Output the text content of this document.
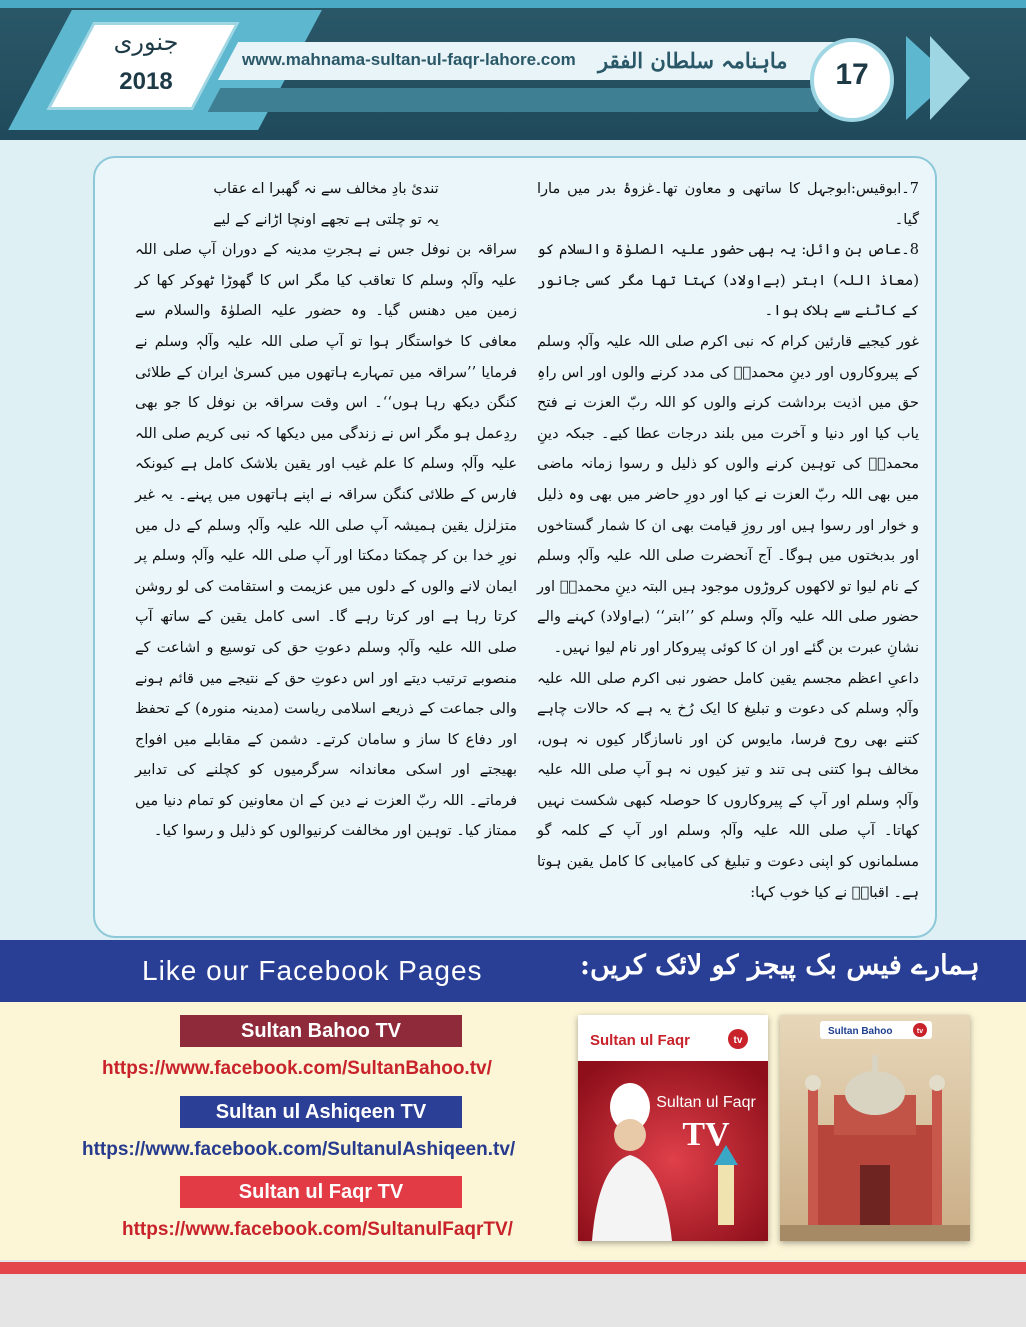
جنوری
2018
www.mahnama-sultan-ul-faqr-lahore.com ماہنامہ سلطان الفقر	17

7۔ابوقیس:ابوجہل کا ساتھی و معاون تھا۔غزوۂ بدر میں مارا گیا۔

8۔عاص بن وائل: یہ بھی حضور علیہ الصلوٰۃ والسلام کو (معاذ اللہ) ابتر (بےاولاد) کہتا تھا مگر کسی جانور کے کاٹنے سے ہلاک ہوا۔

غور کیجیے قارئین کرام کہ نبی اکرم صلی اللہ علیہ وآلہٖ وسلم کے پیروکاروں اور دینِ محمدیؐ کی مدد کرنے والوں اور اس راہِ حق میں اذیت برداشت کرنے والوں کو اللہ ربّ العزت نے فتح یاب کیا اور دنیا و آخرت میں بلند درجات عطا کیے۔ جبکہ دینِ محمدیؐ کی توہین کرنے والوں کو ذلیل و رسوا زمانہ ماضی میں بھی اللہ ربّ العزت نے کیا اور دورِ حاضر میں بھی وہ ذلیل و خوار اور رسوا ہیں اور روزِ قیامت بھی ان کا شمار گستاخوں اور بدبختوں میں ہوگا۔ آج آنحضرت صلی اللہ علیہ وآلہٖ وسلم کے نام لیوا تو لاکھوں کروڑوں موجود ہیں البتہ دینِ محمدیؐ اور حضور صلی اللہ علیہ وآلہٖ وسلم کو ’’ابتر‘‘ (بےاولاد) کہنے والے نشانِ عبرت بن گئے اور ان کا کوئی پیروکار اور نام لیوا نہیں۔

داعیِ اعظم مجسم یقین کامل حضور نبی اکرم صلی اللہ علیہ وآلہٖ وسلم کی دعوت و تبلیغ کا ایک رُخ یہ ہے کہ حالات چاہے کتنے بھی روح فرسا، مایوس کن اور ناسازگار کیوں نہ ہوں، مخالف ہوا کتنی ہی تند و تیز کیوں نہ ہو آپ صلی اللہ علیہ وآلہٖ وسلم اور آپ کے پیروکاروں کا حوصلہ کبھی شکست نہیں کھاتا۔ آپ صلی اللہ علیہ وآلہٖ وسلم اور آپ کے کلمہ گو مسلمانوں کو اپنی دعوت و تبلیغ کی کامیابی کا کامل یقین ہوتا ہے۔ اقبالؒ نے کیا خوب کہا:

تندیٔ بادِ مخالف سے نہ گھبرا اے عقاب

یہ تو چلتی ہے تجھے اونچا اڑانے کے لیے

سراقہ بن نوفل جس نے ہجرتِ مدینہ کے دوران آپ صلی اللہ علیہ وآلہٖ وسلم کا تعاقب کیا مگر اس کا گھوڑا ٹھوکر کھا کر زمین میں دھنس گیا۔ وہ حضور علیہ الصلوٰۃ والسلام سے معافی کا خواستگار ہوا تو آپ صلی اللہ علیہ وآلہٖ وسلم نے فرمایا ’’سراقہ میں تمہارے ہاتھوں میں کسریٰ ایران کے طلائی کنگن دیکھ رہا ہوں‘‘۔ اس وقت سراقہ بن نوفل کا جو بھی ردِعمل ہو مگر اس نے زندگی میں دیکھا کہ نبی کریم صلی اللہ علیہ وآلہٖ وسلم کا علم غیب اور یقین بلاشک کامل ہے کیونکہ فارس کے طلائی کنگن سراقہ نے اپنے ہاتھوں میں پہنے۔ یہ غیر متزلزل یقین ہمیشہ آپ صلی اللہ علیہ وآلہٖ وسلم کے دل میں نورِ خدا بن کر چمکتا دمکتا اور آپ صلی اللہ علیہ وآلہٖ وسلم پر ایمان لانے والوں کے دلوں میں عزیمت و استقامت کی لو روشن کرتا رہا ہے اور کرتا رہے گا۔ اسی کامل یقین کے ساتھ آپ صلی اللہ علیہ وآلہٖ وسلم دعوتِ حق کی توسیع و اشاعت کے منصوبے ترتیب دیتے اور اس دعوتِ حق کے نتیجے میں قائم ہونے والی جماعت کے ذریعے اسلامی ریاست (مدینہ منورہ) کے تحفظ اور دفاع کا ساز و سامان کرتے۔ دشمن کے مقابلے میں افواج بھیجتے اور اسکی معاندانہ سرگرمیوں کو کچلنے کی تدابیر فرماتے۔ اللہ ربّ العزت نے دین کے ان معاونین کو تمام دنیا میں ممتاز کیا۔ توہین اور مخالفت کرنیوالوں کو ذلیل و رسوا کیا۔

Like our Facebook Pages	ہمارے فیس بک پیجز کو لائک کریں:
Sultan Bahoo TV
https://www.facebook.com/SultanBahoo.tv/
Sultan ul Ashiqeen TV
https://www.facebook.com/SultanulAshiqeen.tv/
Sultan ul Faqr TV
https://www.facebook.com/SultanulFaqrTV/
Sultan ul Faqr	tv
Sultan ul Faqr
TV
Sultan Bahoo	tv
